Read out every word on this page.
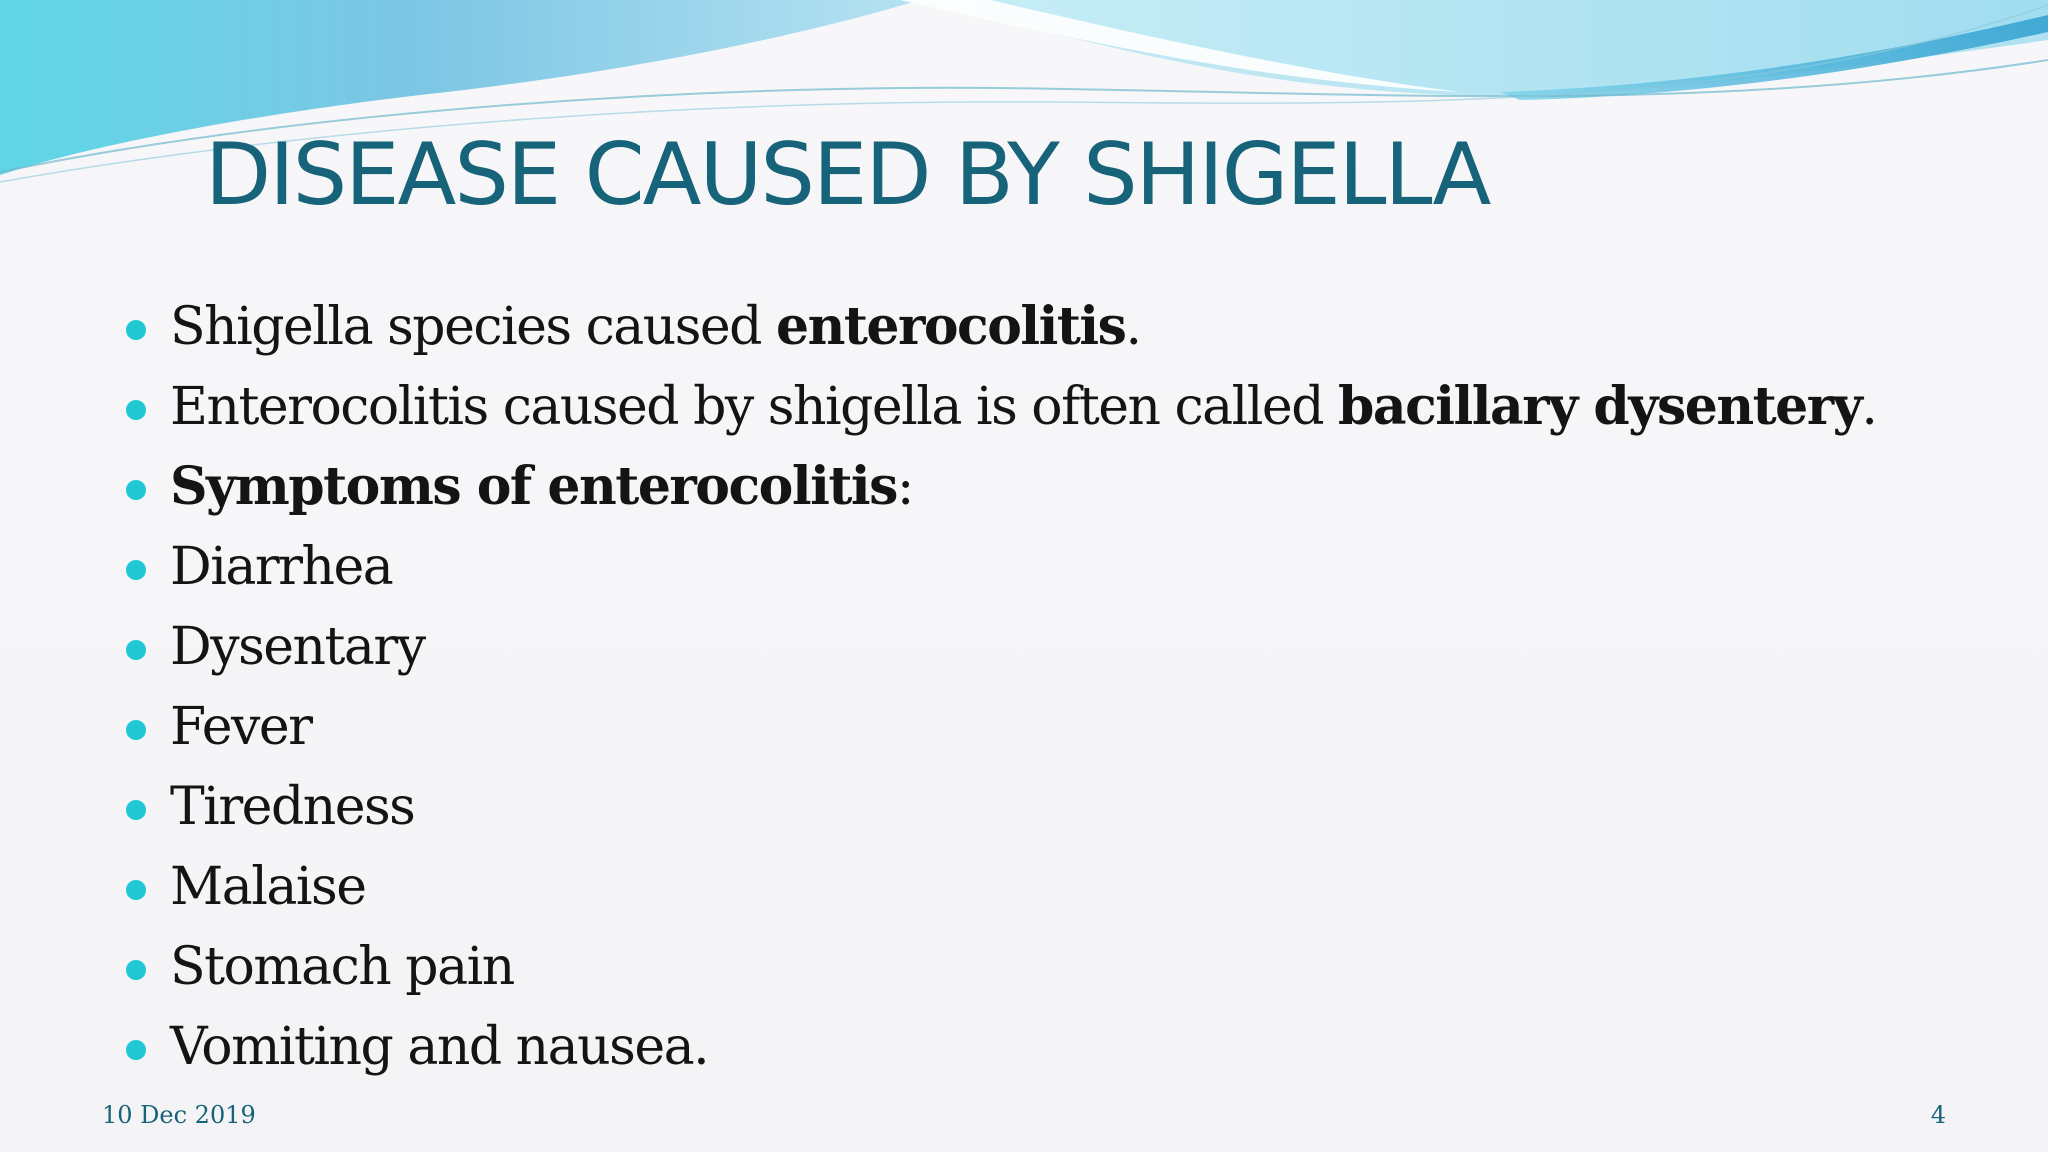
DISEASE CAUSED BY SHIGELLA
Shigella species caused enterocolitis.
Enterocolitis caused by shigella is often called bacillary dysentery.
Symptoms of enterocolitis:
Diarrhea
Dysentary
Fever
Tiredness
Malaise
Stomach pain
Vomiting and nausea.
10 Dec 2019	4
